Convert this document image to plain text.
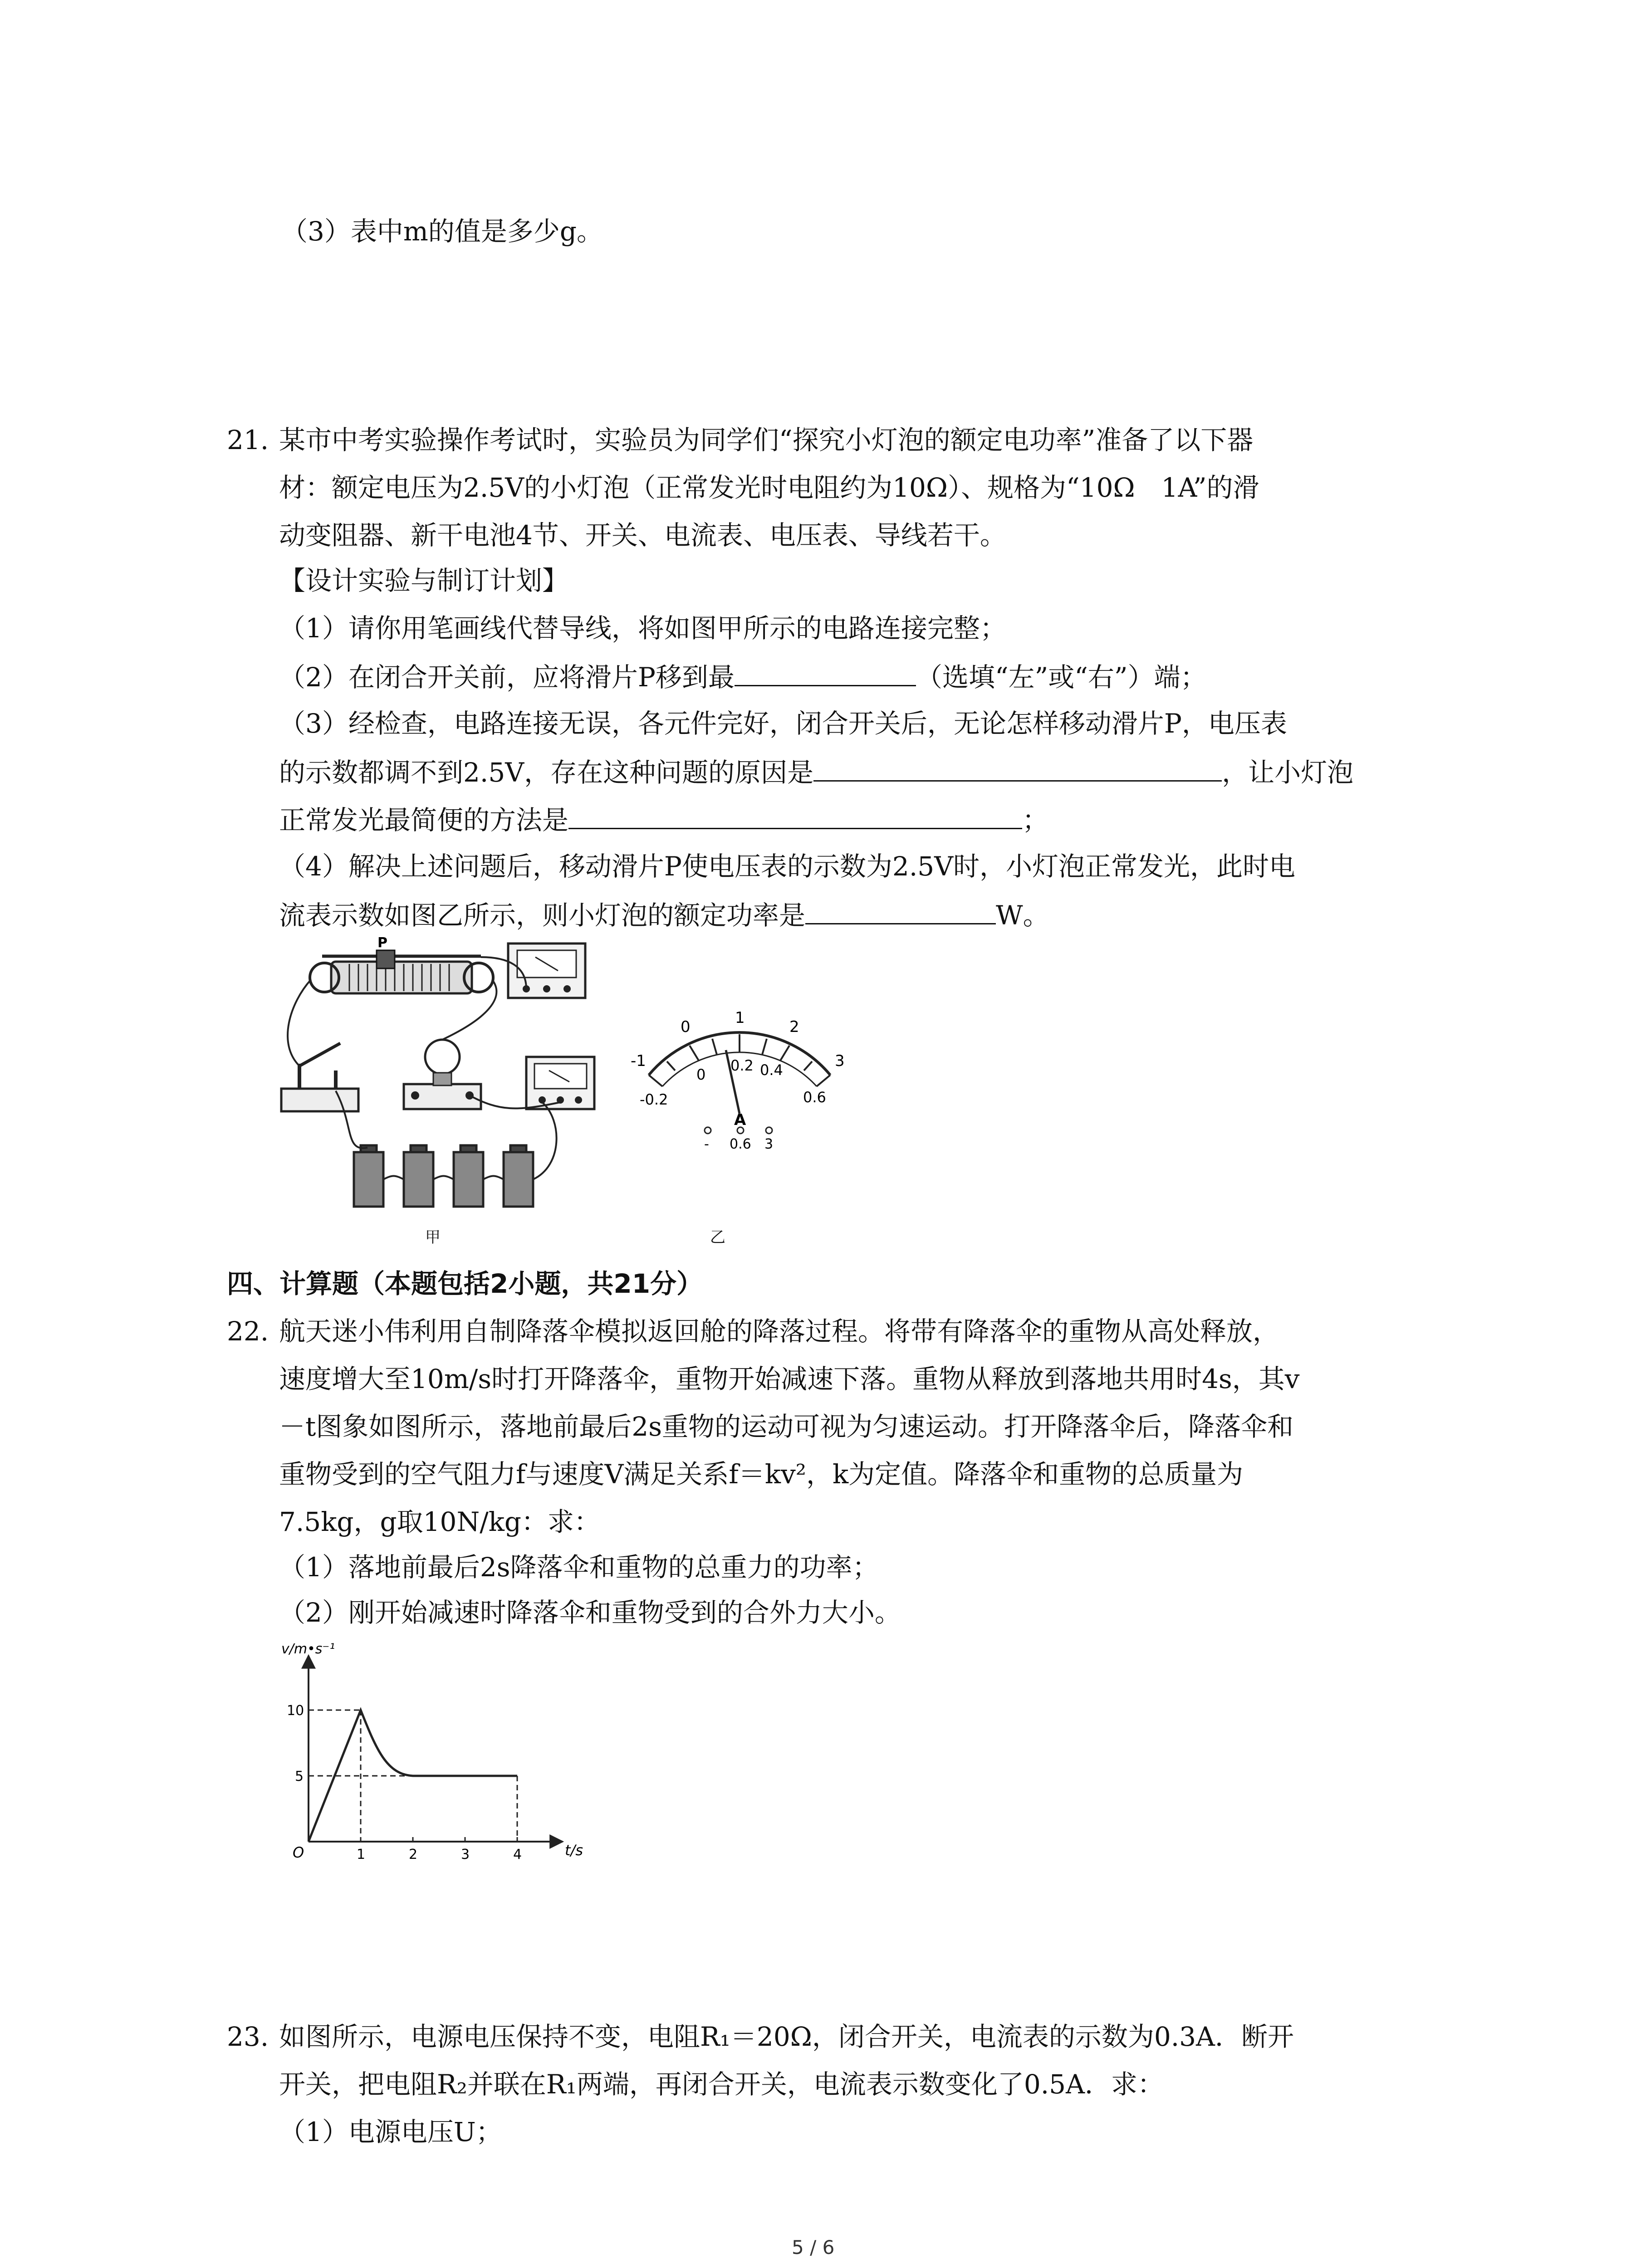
（3）表中m的值是多少g。
21. 某市中考实验操作考试时，实验员为同学们“探究小灯泡的额定电功率”准备了以下器
材：额定电压为2.5V的小灯泡（正常发光时电阻约为10Ω）、规格为“10Ω　1A”的滑
动变阻器、新干电池4节、开关、电流表、电压表、导线若干。
【设计实验与制订计划】
（1）请你用笔画线代替导线，将如图甲所示的电路连接完整；
（2）在闭合开关前，应将滑片P移到最	（选填“左”或“右”）端；
（3）经检查，电路连接无误，各元件完好，闭合开关后，无论怎样移动滑片P，电压表
的示数都调不到2.5V，存在这种问题的原因是	，让小灯泡
正常发光最简便的方法是	；
（4）解决上述问题后，移动滑片P使电压表的示数为2.5V时，小灯泡正常发光，此时电
流表示数如图乙所示，则小灯泡的额定功率是	W。
P
甲
-1
0	1	2
3
-0.2
0
0.2 0.4
0.6
A
- 0.6 3
乙
四、计算题（本题包括2小题，共21分）
22. 航天迷小伟利用自制降落伞模拟返回舱的降落过程。将带有降落伞的重物从高处释放，
速度增大至10m/s时打开降落伞，重物开始减速下落。重物从释放到落地共用时4s，其v
－t图象如图所示，落地前最后2s重物的运动可视为匀速运动。打开降落伞后，降落伞和
重物受到的空气阻力f与速度V满足关系f＝kv²，k为定值。降落伞和重物的总质量为
7.5kg，g取10N/kg：求：
（1）落地前最后2s降落伞和重物的总重力的功率；
（2）刚开始减速时降落伞和重物受到的合外力大小。
v/m•s⁻¹
t/s
O	1	2	3	4
5
10
23. 如图所示，电源电压保持不变，电阻R₁＝20Ω，闭合开关，电流表的示数为0.3A．断开
开关，把电阻R₂并联在R₁两端，再闭合开关，电流表示数变化了0.5A．求：
（1）电源电压U；
5 / 6
